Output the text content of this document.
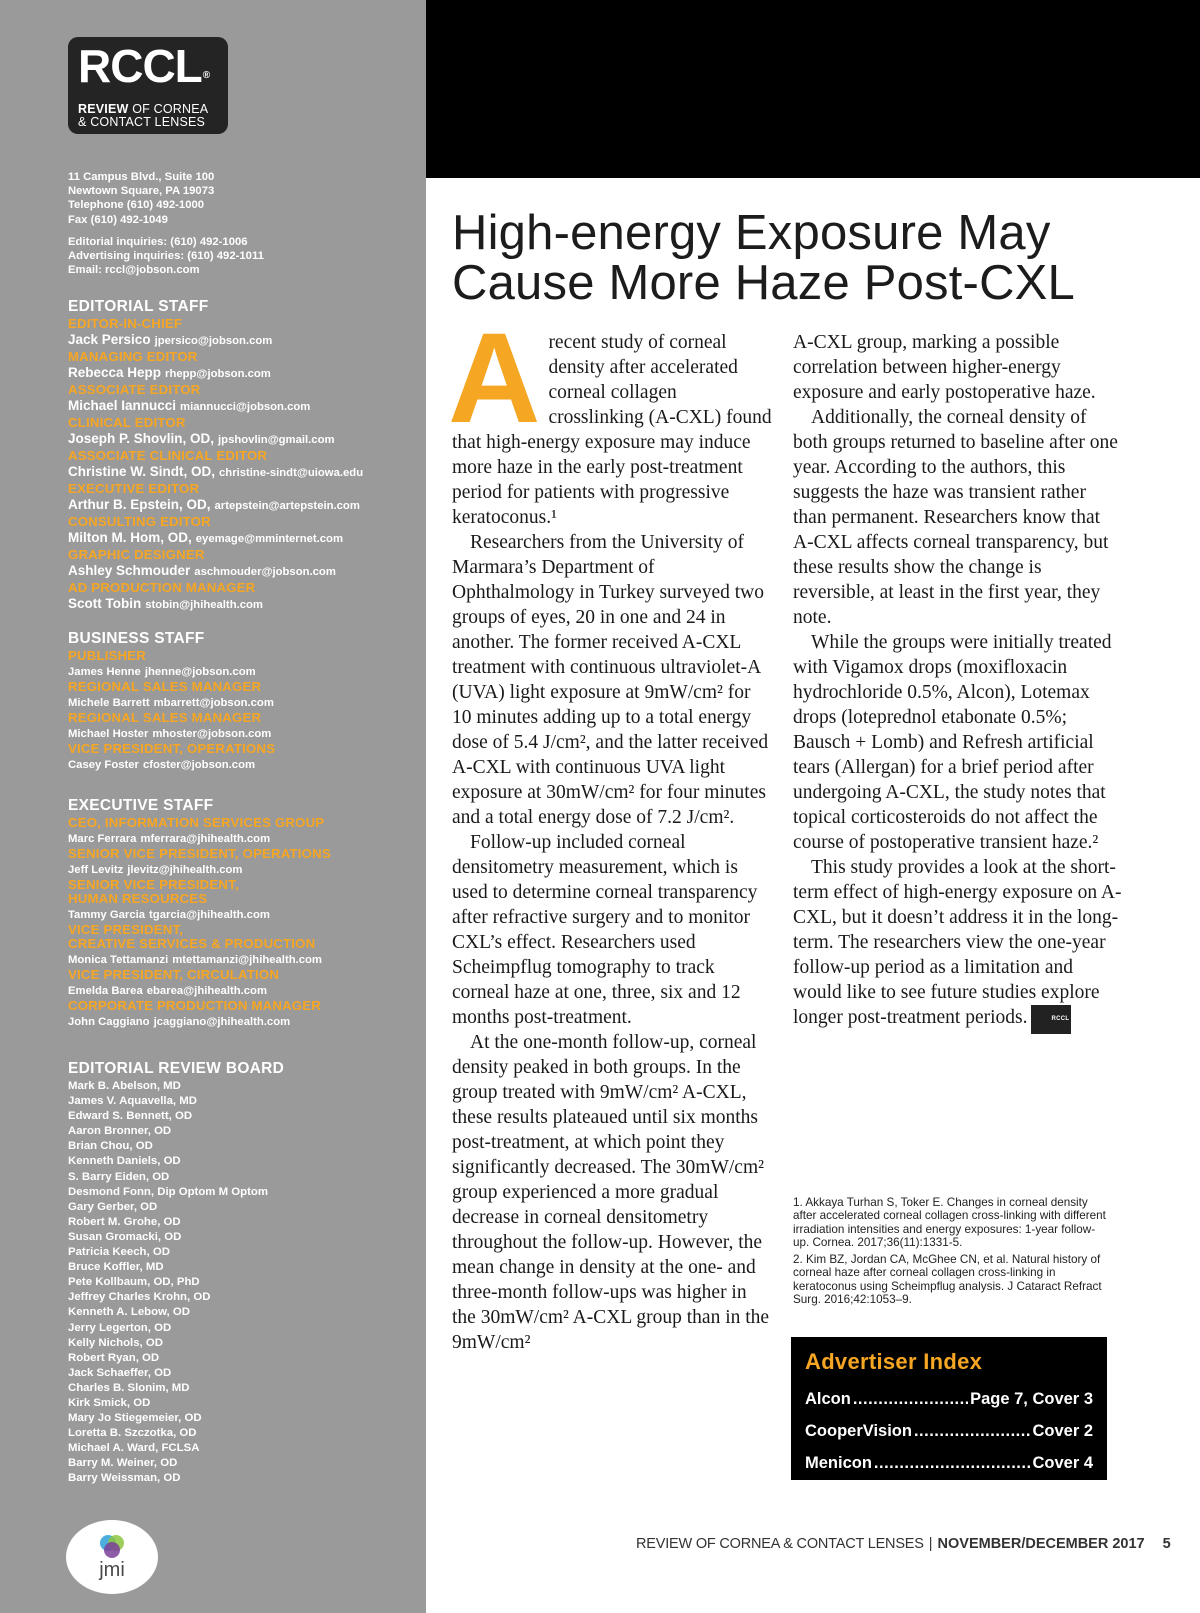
RCCL®
REVIEW OF CORNEA
& CONTACT LENSES
11 Campus Blvd., Suite 100
Newtown Square, PA 19073
Telephone (610) 492-1000
Fax (610) 492-1049
Editorial inquiries: (610) 492-1006
Advertising inquiries: (610) 492-1011
Email: rccl@jobson.com
EDITORIAL STAFF
EDITOR-IN-CHIEF
Jack Persico jpersico@jobson.com
MANAGING EDITOR
Rebecca Hepp rhepp@jobson.com
ASSOCIATE EDITOR
Michael Iannucci miannucci@jobson.com
CLINICAL EDITOR
Joseph P. Shovlin, OD, jpshovlin@gmail.com
ASSOCIATE CLINICAL EDITOR
Christine W. Sindt, OD, christine-sindt@uiowa.edu
EXECUTIVE EDITOR
Arthur B. Epstein, OD, artepstein@artepstein.com
CONSULTING EDITOR
Milton M. Hom, OD, eyemage@mminternet.com
GRAPHIC DESIGNER
Ashley Schmouder aschmouder@jobson.com
AD PRODUCTION MANAGER
Scott Tobin stobin@jhihealth.com
BUSINESS STAFF
PUBLISHER
James Henne jhenne@jobson.com
REGIONAL SALES MANAGER
Michele Barrett mbarrett@jobson.com
REGIONAL SALES MANAGER
Michael Hoster mhoster@jobson.com
VICE PRESIDENT, OPERATIONS
Casey Foster cfoster@jobson.com
EXECUTIVE STAFF
CEO, INFORMATION SERVICES GROUP
Marc Ferrara mferrara@jhihealth.com
SENIOR VICE PRESIDENT, OPERATIONS
Jeff Levitz jlevitz@jhihealth.com
SENIOR VICE PRESIDENT,
HUMAN RESOURCES
Tammy Garcia tgarcia@jhihealth.com
VICE PRESIDENT,
CREATIVE SERVICES & PRODUCTION
Monica Tettamanzi mtettamanzi@jhihealth.com
VICE PRESIDENT, CIRCULATION
Emelda Barea ebarea@jhihealth.com
CORPORATE PRODUCTION MANAGER
John Caggiano jcaggiano@jhihealth.com
EDITORIAL REVIEW BOARD
Mark B. Abelson, MD
James V. Aquavella, MD
Edward S. Bennett, OD
Aaron Bronner, OD
Brian Chou, OD
Kenneth Daniels, OD
S. Barry Eiden, OD
Desmond Fonn, Dip Optom M Optom
Gary Gerber, OD
Robert M. Grohe, OD
Susan Gromacki, OD
Patricia Keech, OD
Bruce Koffler, MD
Pete Kollbaum, OD, PhD
Jeffrey Charles Krohn, OD
Kenneth A. Lebow, OD
Jerry Legerton, OD
Kelly Nichols, OD
Robert Ryan, OD
Jack Schaeffer, OD
Charles B. Slonim, MD
Kirk Smick, OD
Mary Jo Stiegemeier, OD
Loretta B. Szczotka, OD
Michael A. Ward, FCLSA
Barry M. Weiner, OD
Barry Weissman, OD
jmi
High-energy Exposure May
Cause More Haze Post-CXL

Arecent study of corneal density after accelerated corneal collagen crosslinking (A-CXL) found that high-energy exposure may induce more haze in the early post-treatment period for patients with progressive keratoconus.¹

Researchers from the University of Marmara’s Department of Ophthalmology in Turkey surveyed two groups of eyes, 20 in one and 24 in another. The former received A-CXL treatment with continuous ultraviolet-A (UVA) light exposure at 9mW/cm² for 10 minutes adding up to a total energy dose of 5.4 J/cm², and the latter received A-CXL with continuous UVA light exposure at 30mW/cm² for four minutes and a total energy dose of 7.2 J/cm².

Follow-up included corneal densitometry measurement, which is used to determine corneal transparency after refractive surgery and to monitor CXL’s effect. Researchers used Scheimpflug tomography to track corneal haze at one, three, six and 12 months post-treatment.

At the one-month follow-up, corneal density peaked in both groups. In the group treated with 9mW/cm² A-CXL, these results plateaued until six months post-treatment, at which point they significantly decreased. The 30mW/cm² group experienced a more gradual decrease in corneal densitometry throughout the follow-up. However, the mean change in density at the one- and three-month follow-ups was higher in the 30mW/cm² A-CXL group than in the 9mW/cm²

A-CXL group, marking a possible correlation between higher-energy exposure and early postoperative haze.

Additionally, the corneal density of both groups returned to baseline after one year. According to the authors, this suggests the haze was transient rather than permanent. Researchers know that A-CXL affects corneal transparency, but these results show the change is reversible, at least in the first year, they note.

While the groups were initially treated with Vigamox drops (moxifloxacin hydrochloride 0.5%, Alcon), Lotemax drops (loteprednol etabonate 0.5%; Bausch + Lomb) and Refresh artificial tears (Allergan) for a brief period after undergoing A-CXL, the study notes that topical corticosteroids do not affect the course of postoperative transient haze.²

This study provides a look at the short-term effect of high-energy exposure on A-CXL, but it doesn’t address it in the long-term. The researchers view the one-year follow-up period as a limitation and would like to see future studies explore longer post-treatment periods.	RCCL

1. Akkaya Turhan S, Toker E. Changes in corneal density after accelerated corneal collagen cross-linking with different irradiation intensities and energy exposures: 1-year follow-up. Cornea. 2017;36(11):1331-5.

2. Kim BZ, Jordan CA, McGhee CN, et al. Natural history of corneal haze after corneal collagen cross-linking in keratoconus using Scheimpflug analysis. J Cataract Refract Surg. 2016;42:1053–9.

Advertiser Index
Alcon .....	Page 7, Cover 3
CooperVision .....	Cover 2
Menicon .....	Cover 4
REVIEW OF CORNEA & CONTACT LENSES | NOVEMBER/DECEMBER 2017 5
